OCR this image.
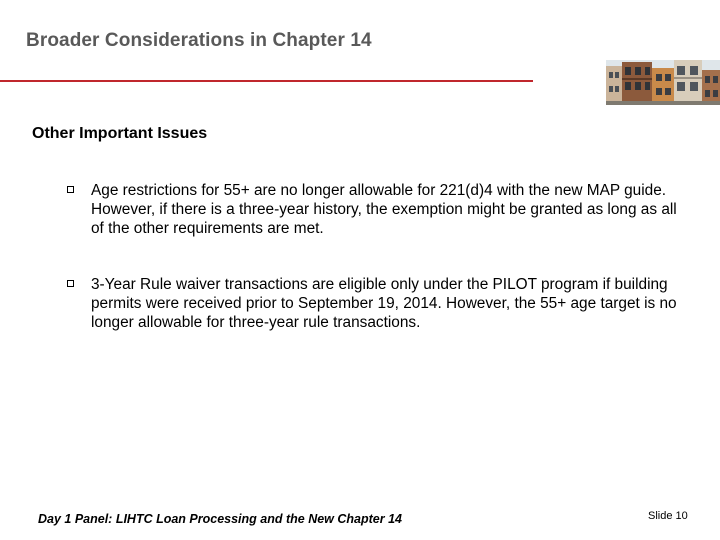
Broader Considerations in Chapter 14
Other Important Issues
Age restrictions for 55+ are no longer allowable for 221(d)4 with the new MAP guide. However, if there is a three-year history, the exemption might be granted as long as all of the other requirements are met.
3-Year Rule waiver transactions are eligible only under the PILOT program if building permits were received prior to September 19, 2014. However, the 55+ age target is no longer allowable for three-year rule transactions.
Day 1 Panel: LIHTC Loan Processing and the New Chapter 14	Slide 10
